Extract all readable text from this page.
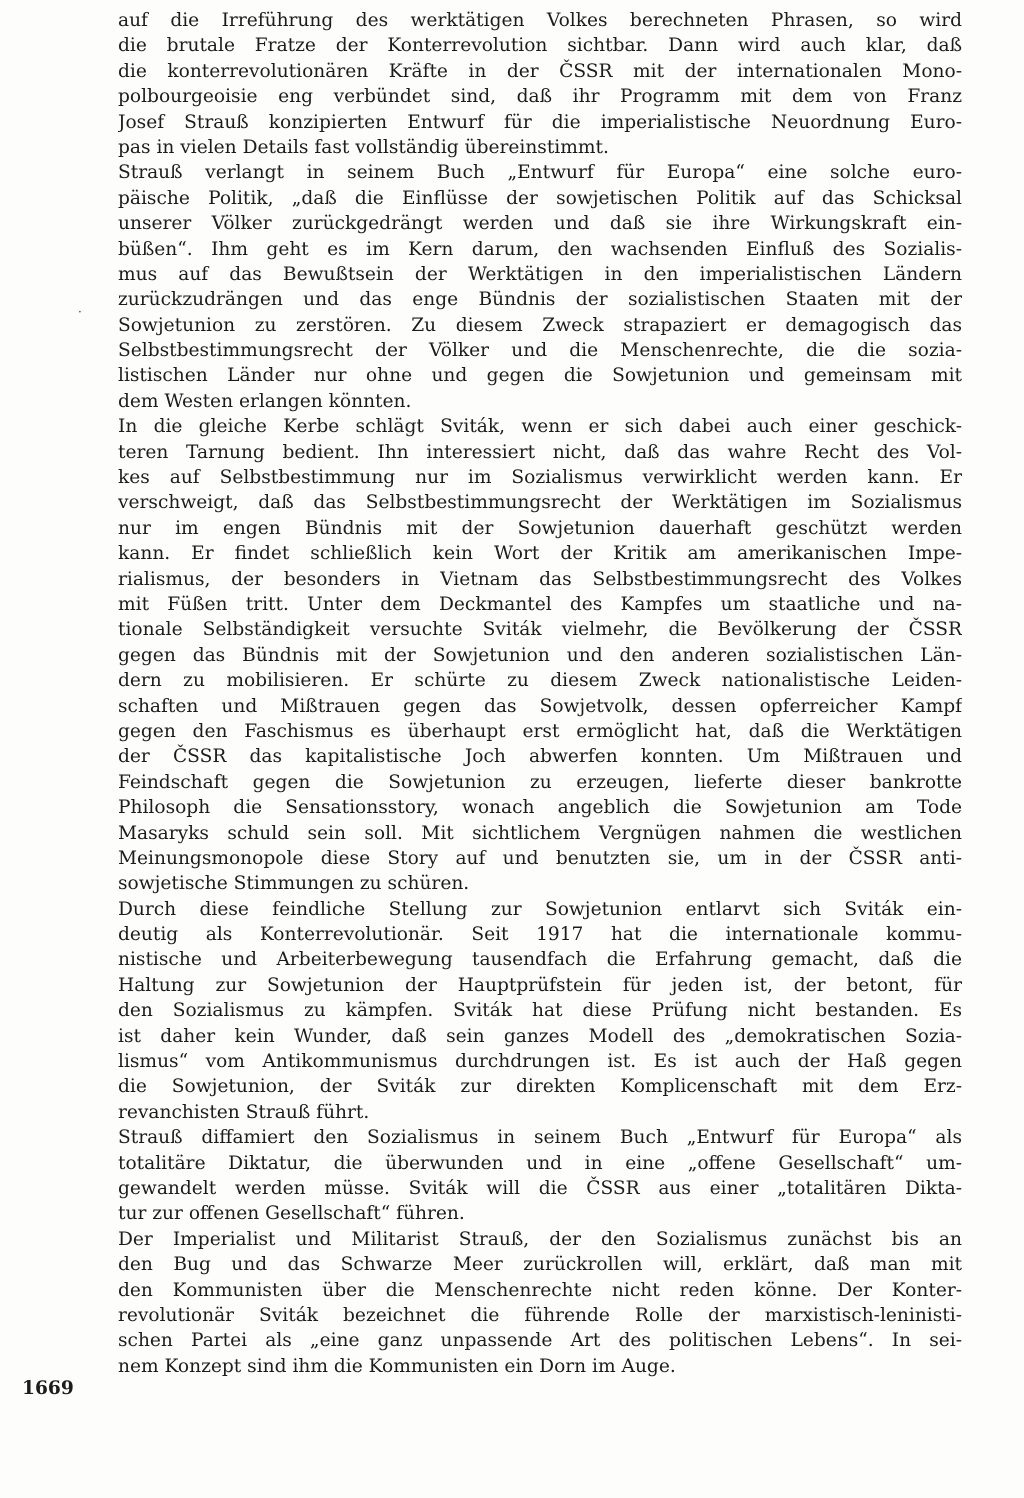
·
auf die Irreführung des werktätigen Volkes berechneten Phrasen, so wird
die brutale Fratze der Konterrevolution sichtbar. Dann wird auch klar, daß
die konterrevolutionären Kräfte in der ČSSR mit der internationalen Mono-
polbourgeoisie eng verbündet sind, daß ihr Programm mit dem von Franz
Josef Strauß konzipierten Entwurf für die imperialistische Neuordnung Euro-
pas in vielen Details fast vollständig übereinstimmt.
Strauß verlangt in seinem Buch „Entwurf für Europa“ eine solche euro-
päische Politik, „daß die Einflüsse der sowjetischen Politik auf das Schicksal
unserer Völker zurückgedrängt werden und daß sie ihre Wirkungskraft ein-
büßen“. Ihm geht es im Kern darum, den wachsenden Einfluß des Sozialis-
mus auf das Bewußtsein der Werktätigen in den imperialistischen Ländern
zurückzudrängen und das enge Bündnis der sozialistischen Staaten mit der
Sowjetunion zu zerstören. Zu diesem Zweck strapaziert er demagogisch das
Selbstbestimmungsrecht der Völker und die Menschenrechte, die die sozia-
listischen Länder nur ohne und gegen die Sowjetunion und gemeinsam mit
dem Westen erlangen könnten.
In die gleiche Kerbe schlägt Sviták, wenn er sich dabei auch einer geschick-
teren Tarnung bedient. Ihn interessiert nicht, daß das wahre Recht des Vol-
kes auf Selbstbestimmung nur im Sozialismus verwirklicht werden kann. Er
verschweigt, daß das Selbstbestimmungsrecht der Werktätigen im Sozialismus
nur im engen Bündnis mit der Sowjetunion dauerhaft geschützt werden
kann. Er findet schließlich kein Wort der Kritik am amerikanischen Impe-
rialismus, der besonders in Vietnam das Selbstbestimmungsrecht des Volkes
mit Füßen tritt. Unter dem Deckmantel des Kampfes um staatliche und na-
tionale Selbständigkeit versuchte Sviták vielmehr, die Bevölkerung der ČSSR
gegen das Bündnis mit der Sowjetunion und den anderen sozialistischen Län-
dern zu mobilisieren. Er schürte zu diesem Zweck nationalistische Leiden-
schaften und Mißtrauen gegen das Sowjetvolk, dessen opferreicher Kampf
gegen den Faschismus es überhaupt erst ermöglicht hat, daß die Werktätigen
der ČSSR das kapitalistische Joch abwerfen konnten. Um Mißtrauen und
Feindschaft gegen die Sowjetunion zu erzeugen, lieferte dieser bankrotte
Philosoph die Sensationsstory, wonach angeblich die Sowjetunion am Tode
Masaryks schuld sein soll. Mit sichtlichem Vergnügen nahmen die westlichen
Meinungsmonopole diese Story auf und benutzten sie, um in der ČSSR anti-
sowjetische Stimmungen zu schüren.
Durch diese feindliche Stellung zur Sowjetunion entlarvt sich Sviták ein-
deutig als Konterrevolutionär. Seit 1917 hat die internationale kommu-
nistische und Arbeiterbewegung tausendfach die Erfahrung gemacht, daß die
Haltung zur Sowjetunion der Hauptprüfstein für jeden ist, der betont, für
den Sozialismus zu kämpfen. Sviták hat diese Prüfung nicht bestanden. Es
ist daher kein Wunder, daß sein ganzes Modell des „demokratischen Sozia-
lismus“ vom Antikommunismus durchdrungen ist. Es ist auch der Haß gegen
die Sowjetunion, der Sviták zur direkten Komplicenschaft mit dem Erz-
revanchisten Strauß führt.
Strauß diffamiert den Sozialismus in seinem Buch „Entwurf für Europa“ als
totalitäre Diktatur, die überwunden und in eine „offene Gesellschaft“ um-
gewandelt werden müsse. Sviták will die ČSSR aus einer „totalitären Dikta-
tur zur offenen Gesellschaft“ führen.
Der Imperialist und Militarist Strauß, der den Sozialismus zunächst bis an
den Bug und das Schwarze Meer zurückrollen will, erklärt, daß man mit
den Kommunisten über die Menschenrechte nicht reden könne. Der Konter-
revolutionär Sviták bezeichnet die führende Rolle der marxistisch-leninisti-
schen Partei als „eine ganz unpassende Art des politischen Lebens“. In sei-
nem Konzept sind ihm die Kommunisten ein Dorn im Auge.
1669
